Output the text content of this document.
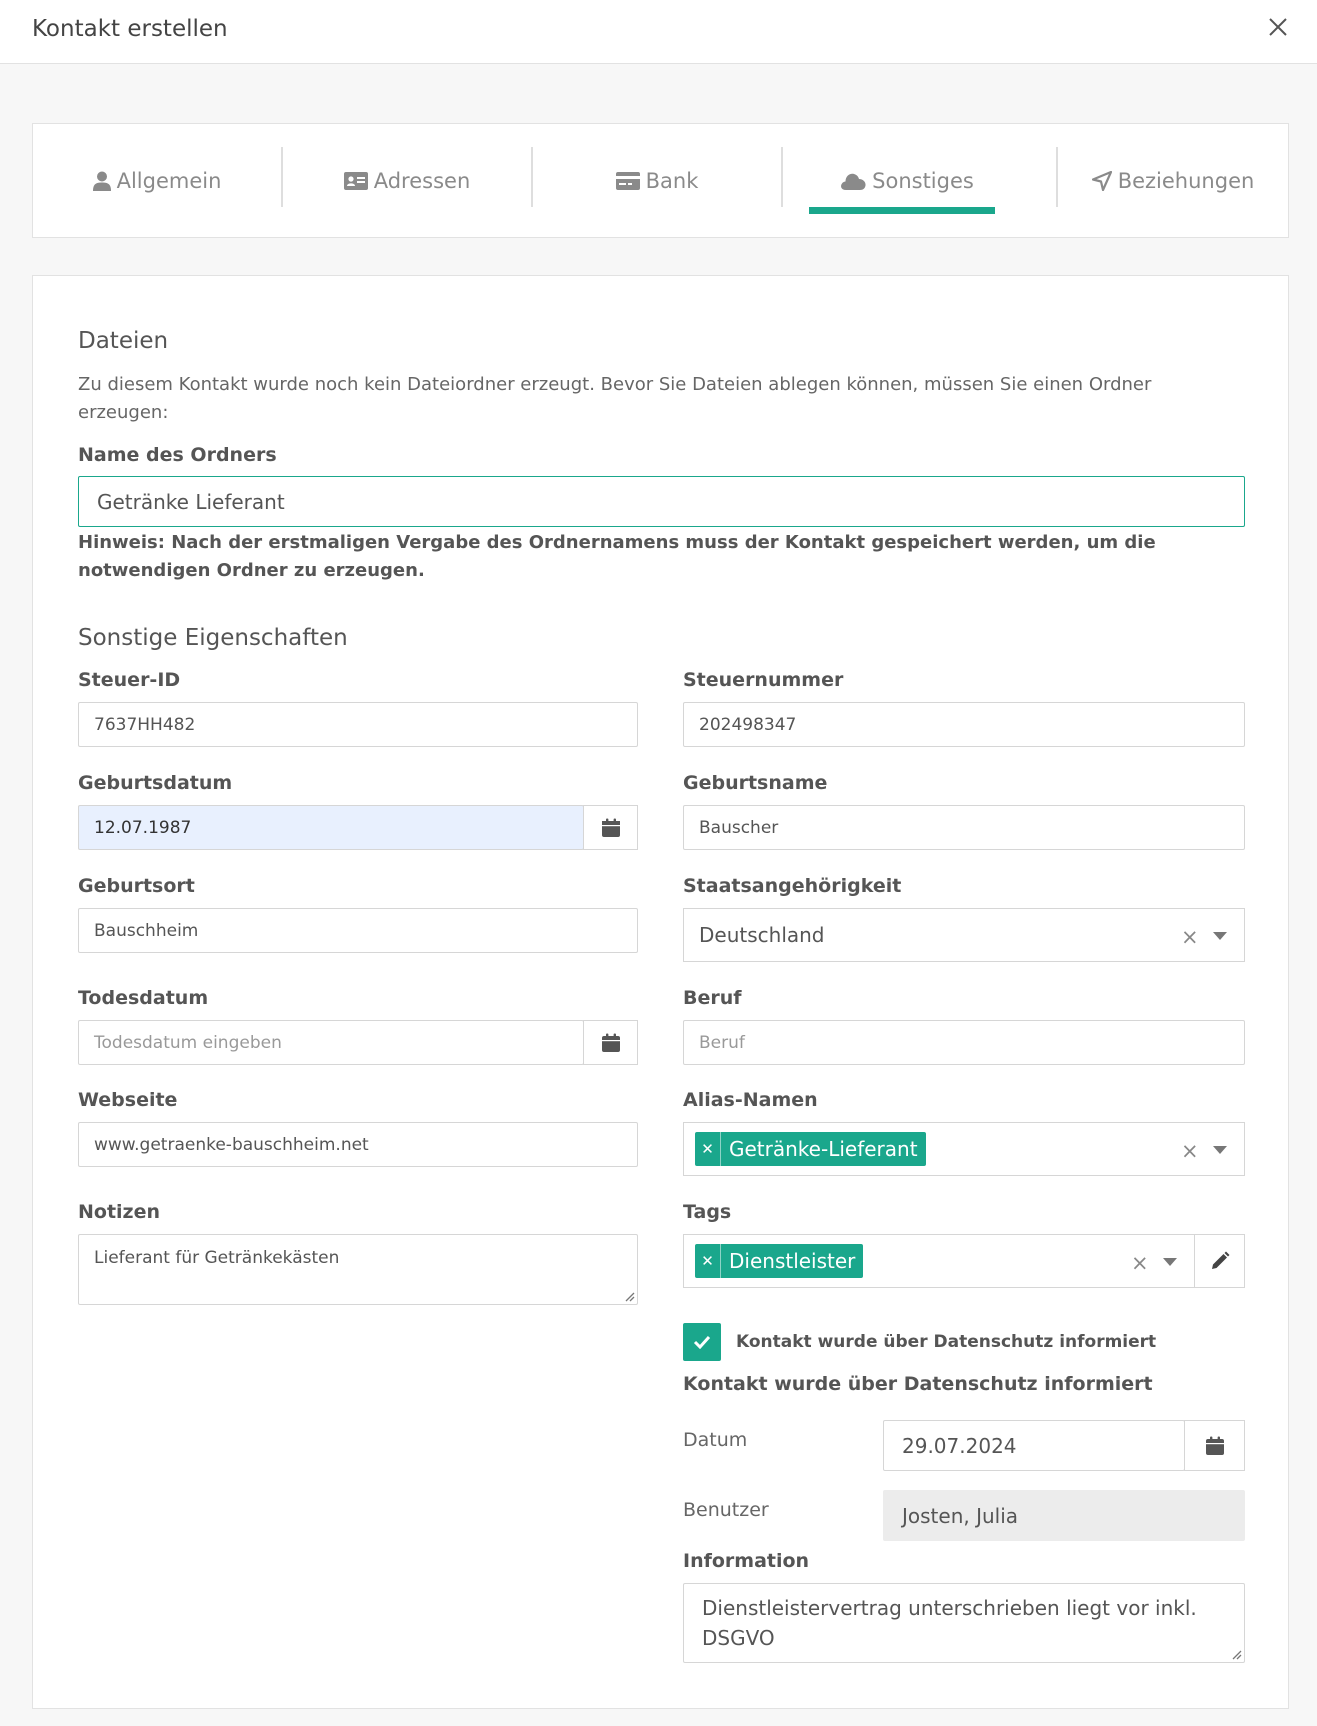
Kontakt erstellen
Allgemein	Adressen	Bank	Sonstiges	Beziehungen
Dateien
Zu diesem Kontakt wurde noch kein Dateiordner erzeugt. Bevor Sie Dateien ablegen können, müssen Sie einen Ordner erzeugen:
Name des Ordners
Getränke Lieferant
Hinweis: Nach der erstmaligen Vergabe des Ordnernamens muss der Kontakt gespeichert werden, um die notwendigen Ordner zu erzeugen.
Sonstige Eigenschaften
Steuer-ID
7637HH482
Steuernummer
202498347
Geburtsdatum
12.07.1987
Geburtsname
Bauscher
Geburtsort
Bauschheim
Staatsangehörigkeit
Deutschland	×
Todesdatum
Todesdatum eingeben
Beruf
Beruf
Webseite
www.getraenke-bauschheim.net
Alias-Namen
✕ Getränke-Lieferant	×
Notizen
Lieferant für Getränkekästen
Tags
✕ Dienstleister	×
Kontakt wurde über Datenschutz informiert
Kontakt wurde über Datenschutz informiert
Datum	29.07.2024
Benutzer	Josten, Julia
Information
Dienstleistervertrag unterschrieben liegt vor inkl. DSGVO
